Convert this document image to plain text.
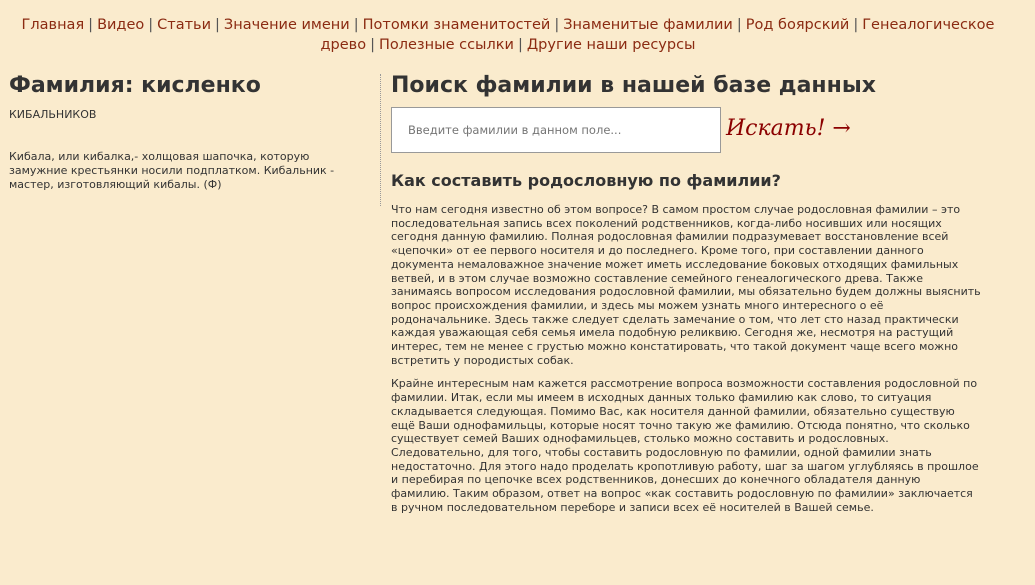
Главная | Видео | Статьи | Значение имени | Потомки знаменитостей | Знаменитые фамилии | Род боярский | Генеалогическое древо | Полезные ссылки | Другие наши ресурсы
Фамилия: кисленко
КИБАЛЬНИКОВ
Кибала, или кибалка,- холщовая шапочка, которую замужние крестьянки носили подплатком. Кибальник - мастер, изготовляющий кибалы. (Ф)
Поиск фамилии в нашей базе данных
Введите фамилии в данном поле...
Искать! →
Как составить родословную по фамилии?

Что нам сегодня известно об этом вопросе? В самом простом случае родословная фамилии – это последовательная запись всех поколений родственников, когда-либо носивших или носящих сегодня данную фамилию. Полная родословная фамилии подразумевает восстановление всей «цепочки» от ее первого носителя и до последнего. Кроме того, при составлении данного документа немаловажное значение может иметь исследование боковых отходящих фамильных ветвей, и в этом случае возможно составление семейного генеалогического древа. Также занимаясь вопросом исследования родословной фамилии, мы обязательно будем должны выяснить вопрос происхождения фамилии, и здесь мы можем узнать много интересного о её родоначальнике. Здесь также следует сделать замечание о том, что лет сто назад практически каждая уважающая себя семья имела подобную реликвию. Сегодня же, несмотря на растущий интерес, тем не менее с грустью можно констатировать, что такой документ чаще всего можно встретить у породистых собак.

Крайне интересным нам кажется рассмотрение вопроса возможности составления родословной по фамилии. Итак, если мы имеем в исходных данных только фамилию как слово, то ситуация складывается следующая. Помимо Вас, как носителя данной фамилии, обязательно существую ещё Ваши однофамильцы, которые носят точно такую же фамилию. Отсюда понятно, что сколько существует семей Ваших однофамильцев, столько можно составить и родословных. Следовательно, для того, чтобы составить родословную по фамилии, одной фамилии знать недостаточно. Для этого надо проделать кропотливую работу, шаг за шагом углубляясь в прошлое и перебирая по цепочке всех родственников, донесших до конечного обладателя данную фамилию. Таким образом, ответ на вопрос «как составить родословную по фамилии» заключается в ручном последовательном переборе и записи всех её носителей в Вашей семье.
